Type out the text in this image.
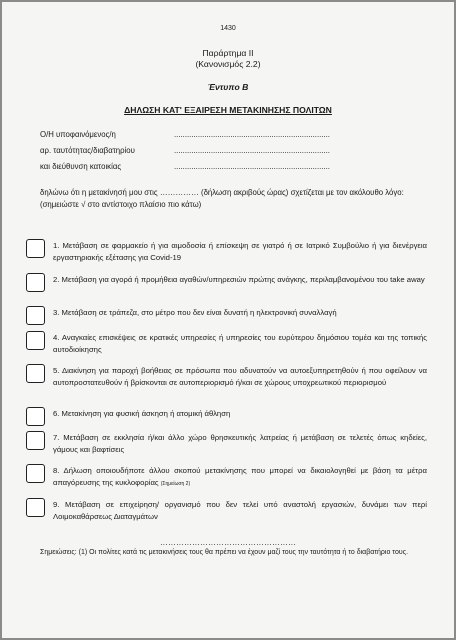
1430
Παράρτημα ΙΙ
(Κανονισμός 2.2)
Έντυπο Β
ΔΗΛΩΣΗ ΚΑΤ' ΕΞΑΙΡΕΣΗ ΜΕΤΑΚΙΝΗΣΗΣ ΠΟΛΙΤΩΝ
Ο/Η υποφαινόμενος/η	........................................................................
αρ. ταυτότητας/διαβατηρίου	........................................................................
και διεύθυνση κατοικίας	........................................................................
δηλώνω ότι η μετακίνησή μου στις …………… (δήλωση ακριβούς ώρας) σχετίζεται με τον ακόλουθο λόγο:
(σημειώστε √ στο αντίστοιχο πλαίσιο πιο κάτω)
1. Μετάβαση σε φαρμακείο ή για αιμοδοσία ή επίσκεψη σε γιατρό ή σε Ιατρικό Συμβούλιο ή για διενέργεια εργαστηριακής εξέτασης για Covid-19
2. Μετάβαση για αγορά ή προμήθεια αγαθών/υπηρεσιών πρώτης ανάγκης, περιλαμβανομένου του take away
3. Μετάβαση σε τράπεζα, στο μέτρο που δεν είναι δυνατή η ηλεκτρονική συναλλαγή
4. Αναγκαίες επισκέψεις σε κρατικές υπηρεσίες ή υπηρεσίες του ευρύτερου δημόσιου τομέα και της τοπικής αυτοδιοίκησης
5. Διακίνηση για παροχή βοήθειας σε πρόσωπα που αδυνατούν να αυτοεξυπηρετηθούν ή που οφείλουν να αυτοπροστατευθούν ή βρίσκονται σε αυτοπεριορισμό ή/και σε χώρους υποχρεωτικού περιορισμού
6. Μετακίνηση για φυσική άσκηση ή ατομική άθληση
7. Μετάβαση σε εκκλησία ή/και άλλο χώρο θρησκευτικής λατρείας ή μετάβαση σε τελετές όπως κηδείες, γάμους και βαφτίσεις
8. Δήλωση οποιουδήποτε άλλου σκοπού μετακίνησης που μπορεί να δικαιολογηθεί με βάση τα μέτρα απαγόρευσης της κυκλοφορίας (Σημείωση 2)
9. Μετάβαση σε επιχείρηση/ οργανισμό που δεν τελεί υπό αναστολή εργασιών, δυνάμει των περί Λοιμοκαθάρσεως Διαταγμάτων
……………………………………………
Σημειώσεις: (1) Οι πολίτες κατά τις μετακινήσεις τους θα πρέπει να έχουν μαζί τους την ταυτότητα ή το διαβατήριο τους.
